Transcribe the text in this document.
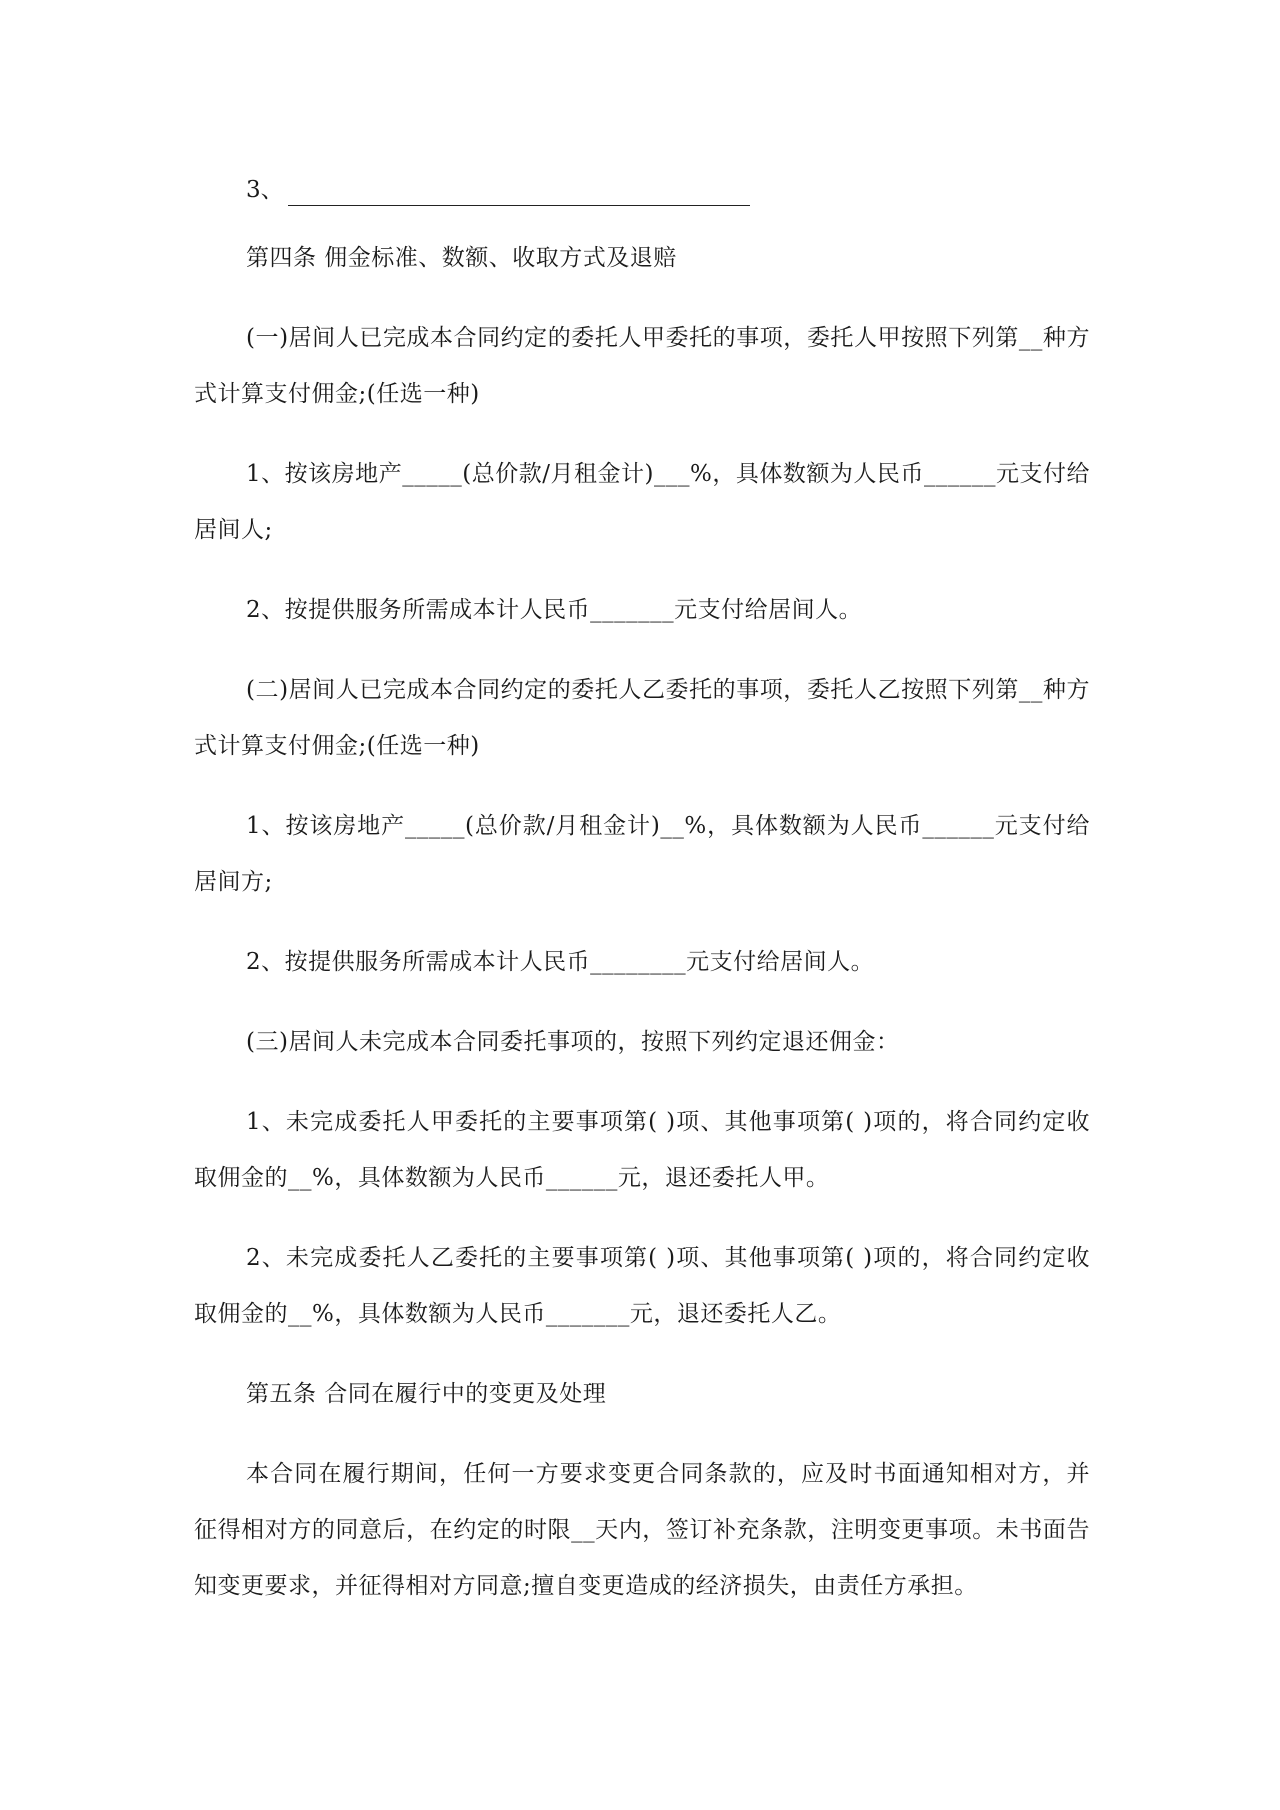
3、

第四条 佣金标准、数额、收取方式及退赔

(一)居间人已完成本合同约定的委托人甲委托的事项，委托人甲按照下列第__种方式计算支付佣金;(任选一种)

1、按该房地产_____(总价款/月租金计)___%，具体数额为人民币______元支付给居间人;

2、按提供服务所需成本计人民币_______元支付给居间人。

(二)居间人已完成本合同约定的委托人乙委托的事项，委托人乙按照下列第__种方式计算支付佣金;(任选一种)

1、按该房地产_____(总价款/月租金计)__%，具体数额为人民币______元支付给居间方;

2、按提供服务所需成本计人民币________元支付给居间人。

(三)居间人未完成本合同委托事项的，按照下列约定退还佣金：

1、未完成委托人甲委托的主要事项第( )项、其他事项第( )项的，将合同约定收取佣金的__%，具体数额为人民币______元，退还委托人甲。

2、未完成委托人乙委托的主要事项第( )项、其他事项第( )项的，将合同约定收取佣金的__%，具体数额为人民币_______元，退还委托人乙。

第五条 合同在履行中的变更及处理

本合同在履行期间，任何一方要求变更合同条款的，应及时书面通知相对方，并征得相对方的同意后，在约定的时限__天内，签订补充条款，注明变更事项。未书面告知变更要求，并征得相对方同意;擅自变更造成的经济损失，由责任方承担。
